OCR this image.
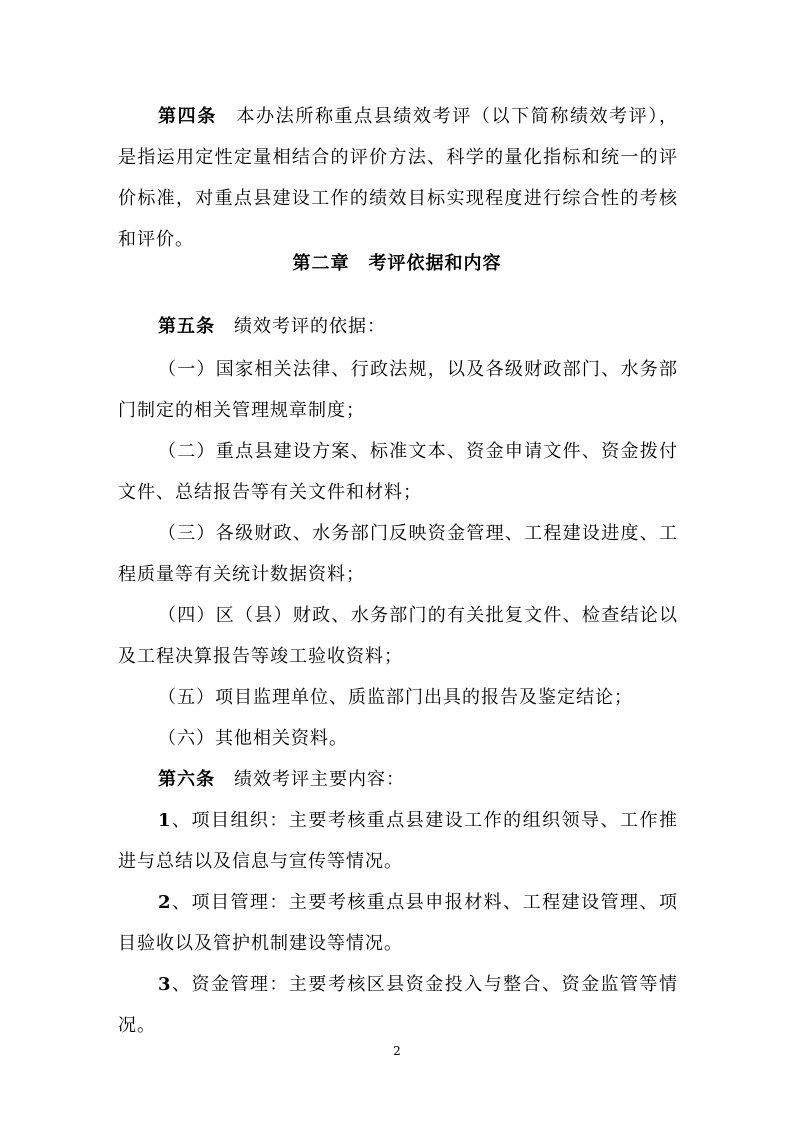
第四条　 本办法所称重点县绩效考评（以下简称绩效考评），是指运用定性定量相结合的评价方法、科学的量化指标和统一的评价标准，对重点县建设工作的绩效目标实现程度进行综合性的考核和评价。

第二章　考评依据和内容

第五条　 绩效考评的依据：

（一）国家相关法律、行政法规，以及各级财政部门、水务部门制定的相关管理规章制度；

（二）重点县建设方案、标准文本、资金申请文件、资金拨付文件、总结报告等有关文件和材料；

（三）各级财政、水务部门反映资金管理、工程建设进度、工程质量等有关统计数据资料；

（四）区（县）财政、水务部门的有关批复文件、检查结论以及工程决算报告等竣工验收资料；

（五）项目监理单位、质监部门出具的报告及鉴定结论；

（六）其他相关资料。

第六条　 绩效考评主要内容：

1、项目组织：主要考核重点县建设工作的组织领导、工作推进与总结以及信息与宣传等情况。

2、项目管理：主要考核重点县申报材料、工程建设管理、项目验收以及管护机制建设等情况。

3、资金管理：主要考核区县资金投入与整合、资金监管等情况。

2
